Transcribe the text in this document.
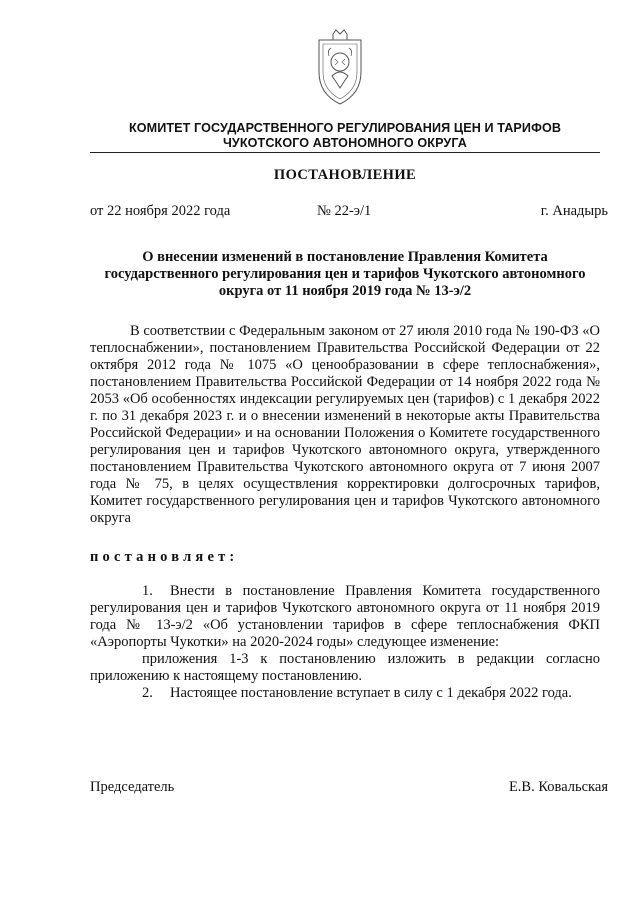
КОМИТЕТ ГОСУДАРСТВЕННОГО РЕГУЛИРОВАНИЯ ЦЕН И ТАРИФОВ
ЧУКОТСКОГО АВТОНОМНОГО ОКРУГА
ПОСТАНОВЛЕНИЕ
от 22 ноября 2022 года	№ 22-э/1	г. Анадырь
О внесении изменений в постановление Правления Комитета государственного регулирования цен и тарифов Чукотского автономного округа от 11 ноября 2019 года № 13-э/2
В соответствии с Федеральным законом от 27 июля 2010 года № 190-ФЗ «О теплоснабжении», постановлением Правительства Российской Федерации от 22 октября 2012 года № 1075 «О ценообразовании в сфере теплоснабжения», постановлением Правительства Российской Федерации от 14 ноября 2022 года № 2053 «Об особенностях индексации регулируемых цен (тарифов) с 1 декабря 2022 г. по 31 декабря 2023 г. и о внесении изменений в некоторые акты Правительства Российской Федерации» и на основании Положения о Комитете государственного регулирования цен и тарифов Чукотского автономного округа, утвержденного постановлением Правительства Чукотского автономного округа от 7 июня 2007 года № 75, в целях осуществления корректировки долгосрочных тарифов, Комитет государственного регулирования цен и тарифов Чукотского автономного округа
постановляет:
1. Внести в постановление Правления Комитета государственного регулирования цен и тарифов Чукотского автономного округа от 11 ноября 2019 года № 13-э/2 «Об установлении тарифов в сфере теплоснабжения ФКП «Аэропорты Чукотки» на 2020-2024 годы» следующее изменение:
приложения 1-3 к постановлению изложить в редакции согласно приложению к настоящему постановлению.
2. Настоящее постановление вступает в силу с 1 декабря 2022 года.
Председатель	Е.В. Ковальская
